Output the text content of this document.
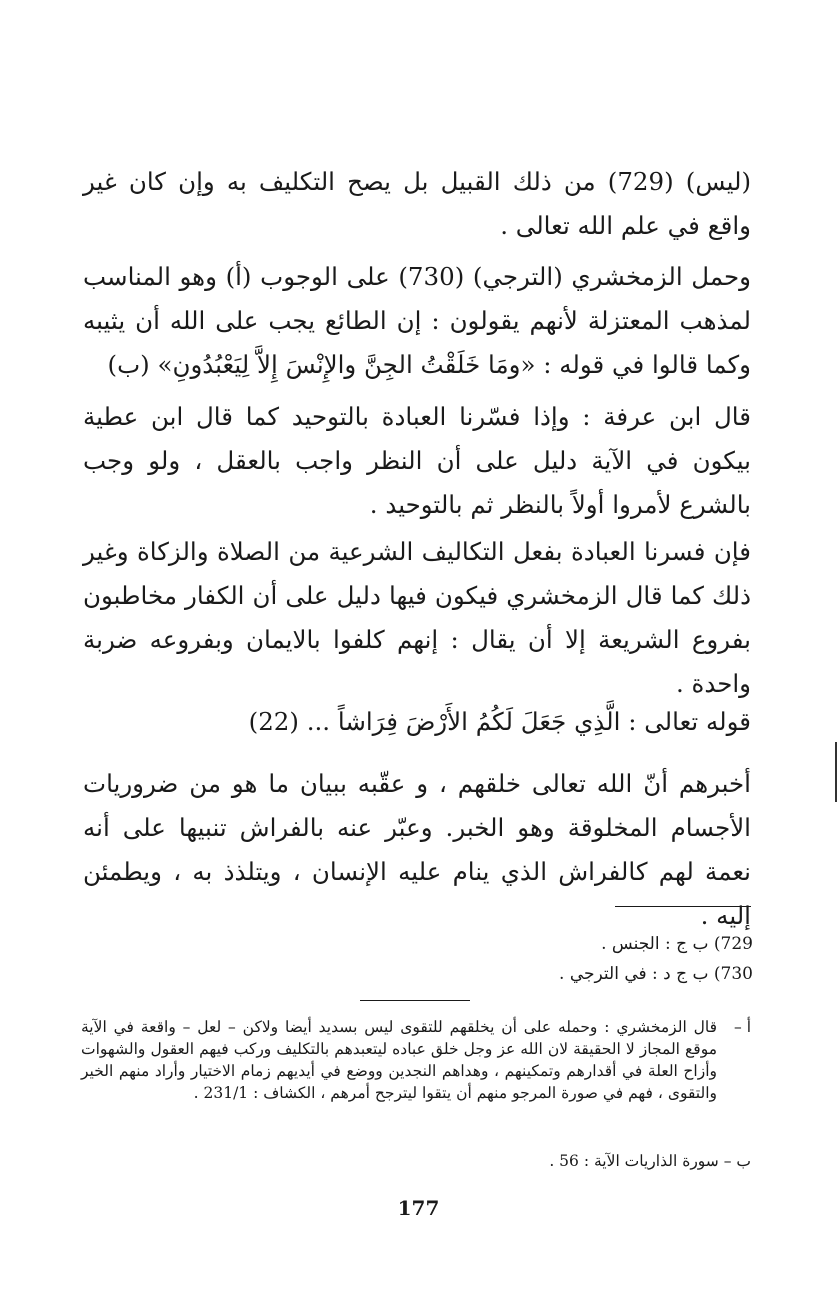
(ليس) (729) من ذلك القبيل بل يصح التكليف به وإن كان غير واقع في علم الله تعالى .

وحمل الزمخشري (الترجي) (730) على الوجوب (أ) وهو المناسب لمذهب المعتزلة لأنهم يقولون : إن الطائع يجب على الله أن يثيبه وكما قالوا في قوله : «ومَا خَلَقْتُ الجِنَّ والإِنْسَ إِلاَّ لِيَعْبُدُونِ» (ب)

قال ابن عرفة : وإذا فسّرنا العبادة بالتوحيد كما قال ابن عطية بيكون في الآية دليل على أن النظر واجب بالعقل ، ولو وجب بالشرع لأمروا أولاً بالنظر ثم بالتوحيد .

فإن فسرنا العبادة بفعل التكاليف الشرعية من الصلاة والزكاة وغير ذلك كما قال الزمخشري فيكون فيها دليل على أن الكفار مخاطبون بفروع الشريعة إلا أن يقال : إنهم كلفوا بالايمان وبفروعه ضربة واحدة .

قوله تعالى : الَّذِي جَعَلَ لَكُمُ الأَرْضَ فِرَاشاً ... (22)

أخبرهم أنّ الله تعالى خلقهم ، و عقّبه ببيان ما هو من ضروريات الأجسام المخلوقة وهو الخبر. وعبّر عنه بالفراش تنبيها على أنه نعمة لهم كالفراش الذي ينام عليه الإنسان ، ويتلذذ به ، ويطمئن إليه .

729) ب ج : الجنس .

730) ب ج د : في الترجي .

أ –

قال الزمخشري : وحمله على أن يخلقهم للتقوى ليس بسديد أيضا ولاكن – لعل – واقعة في الآية موقع المجاز لا الحقيقة لان الله عز وجل خلق عباده ليتعبدهم بالتكليف وركب فيهم العقول والشهوات وأزاح العلة في أقدارهم وتمكينهم ، وهداهم النجدين ووضع في أيديهم زمام الاختيار وأراد منهم الخير والتقوى ، فهم في صورة المرجو منهم أن يتقوا ليترجح أمرهم ، الكشاف : 231/1 .

ب – سورة الذاريات الآية : 56 .

177
